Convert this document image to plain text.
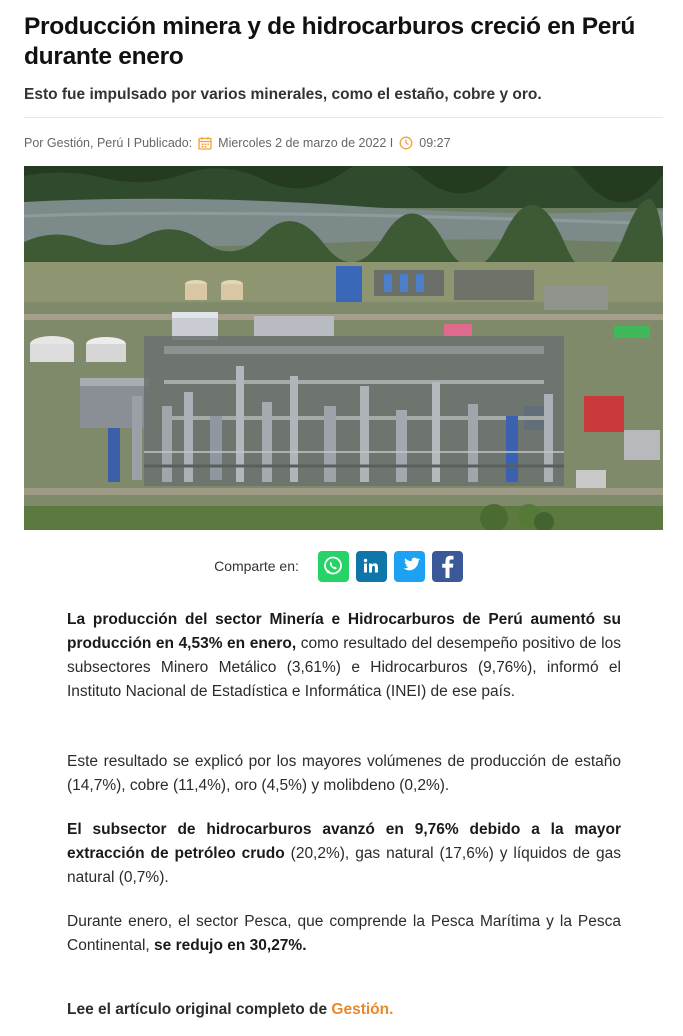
Producción minera y de hidrocarburos creció en Perú durante enero
Esto fue impulsado por varios minerales, como el estaño, cobre y oro.
Por Gestión, Perú I Publicado: Miercoles 2 de marzo de 2022 I 09:27
Comparte en:

La producción del sector Minería e Hidrocarburos de Perú aumentó su producción en 4,53% en enero, como resultado del desempeño positivo de los subsectores Minero Metálico (3,61%) e Hidrocarburos (9,76%), informó el Instituto Nacional de Estadística e Informática (INEI) de ese país.

Este resultado se explicó por los mayores volúmenes de producción de estaño (14,7%), cobre (11,4%), oro (4,5%) y molibdeno (0,2%).

El subsector de hidrocarburos avanzó en 9,76% debido a la mayor extracción de petróleo crudo (20,2%), gas natural (17,6%) y líquidos de gas natural (0,7%).

Durante enero, el sector Pesca, que comprende la Pesca Marítima y la Pesca Continental, se redujo en 30,27%.

Lee el artículo original completo de Gestión.
